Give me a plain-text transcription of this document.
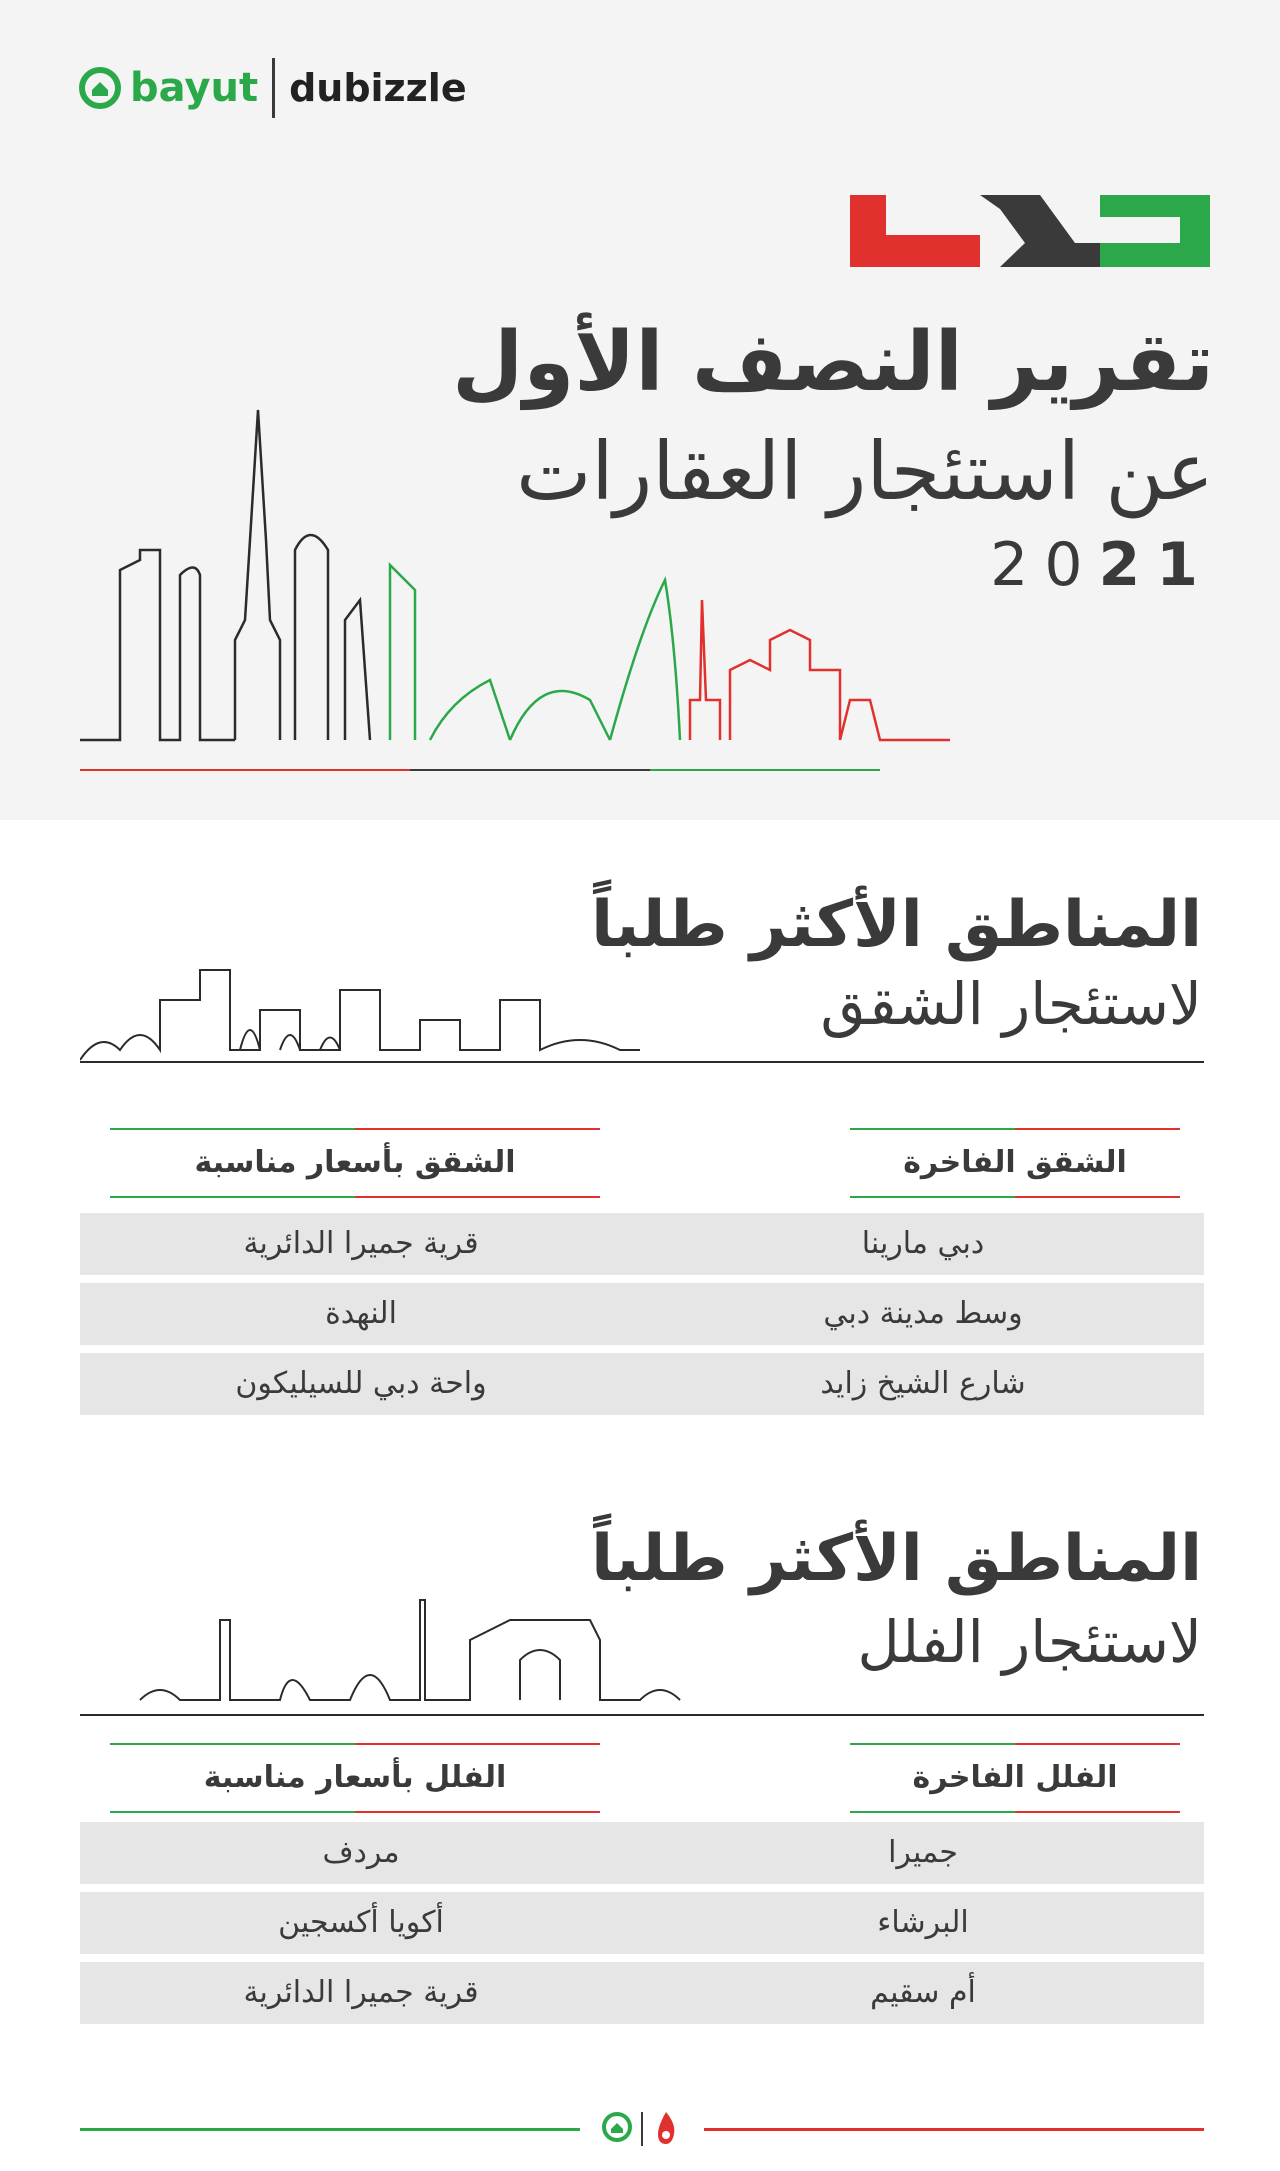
bayut dubizzle
تقرير النصف الأول
عن استئجار العقارات
2021
المناطق الأكثر طلباً
لاستئجار الشقق
الشقق الفاخرة
الشقق بأسعار مناسبة
دبي مارينا
قرية جميرا الدائرية
وسط مدينة دبي
النهدة
شارع الشيخ زايد
واحة دبي للسيليكون
المناطق الأكثر طلباً
لاستئجار الفلل
الفلل الفاخرة
الفلل بأسعار مناسبة
جميرا
مردف
البرشاء
أكويا أكسجين
أم سقيم
قرية جميرا الدائرية
